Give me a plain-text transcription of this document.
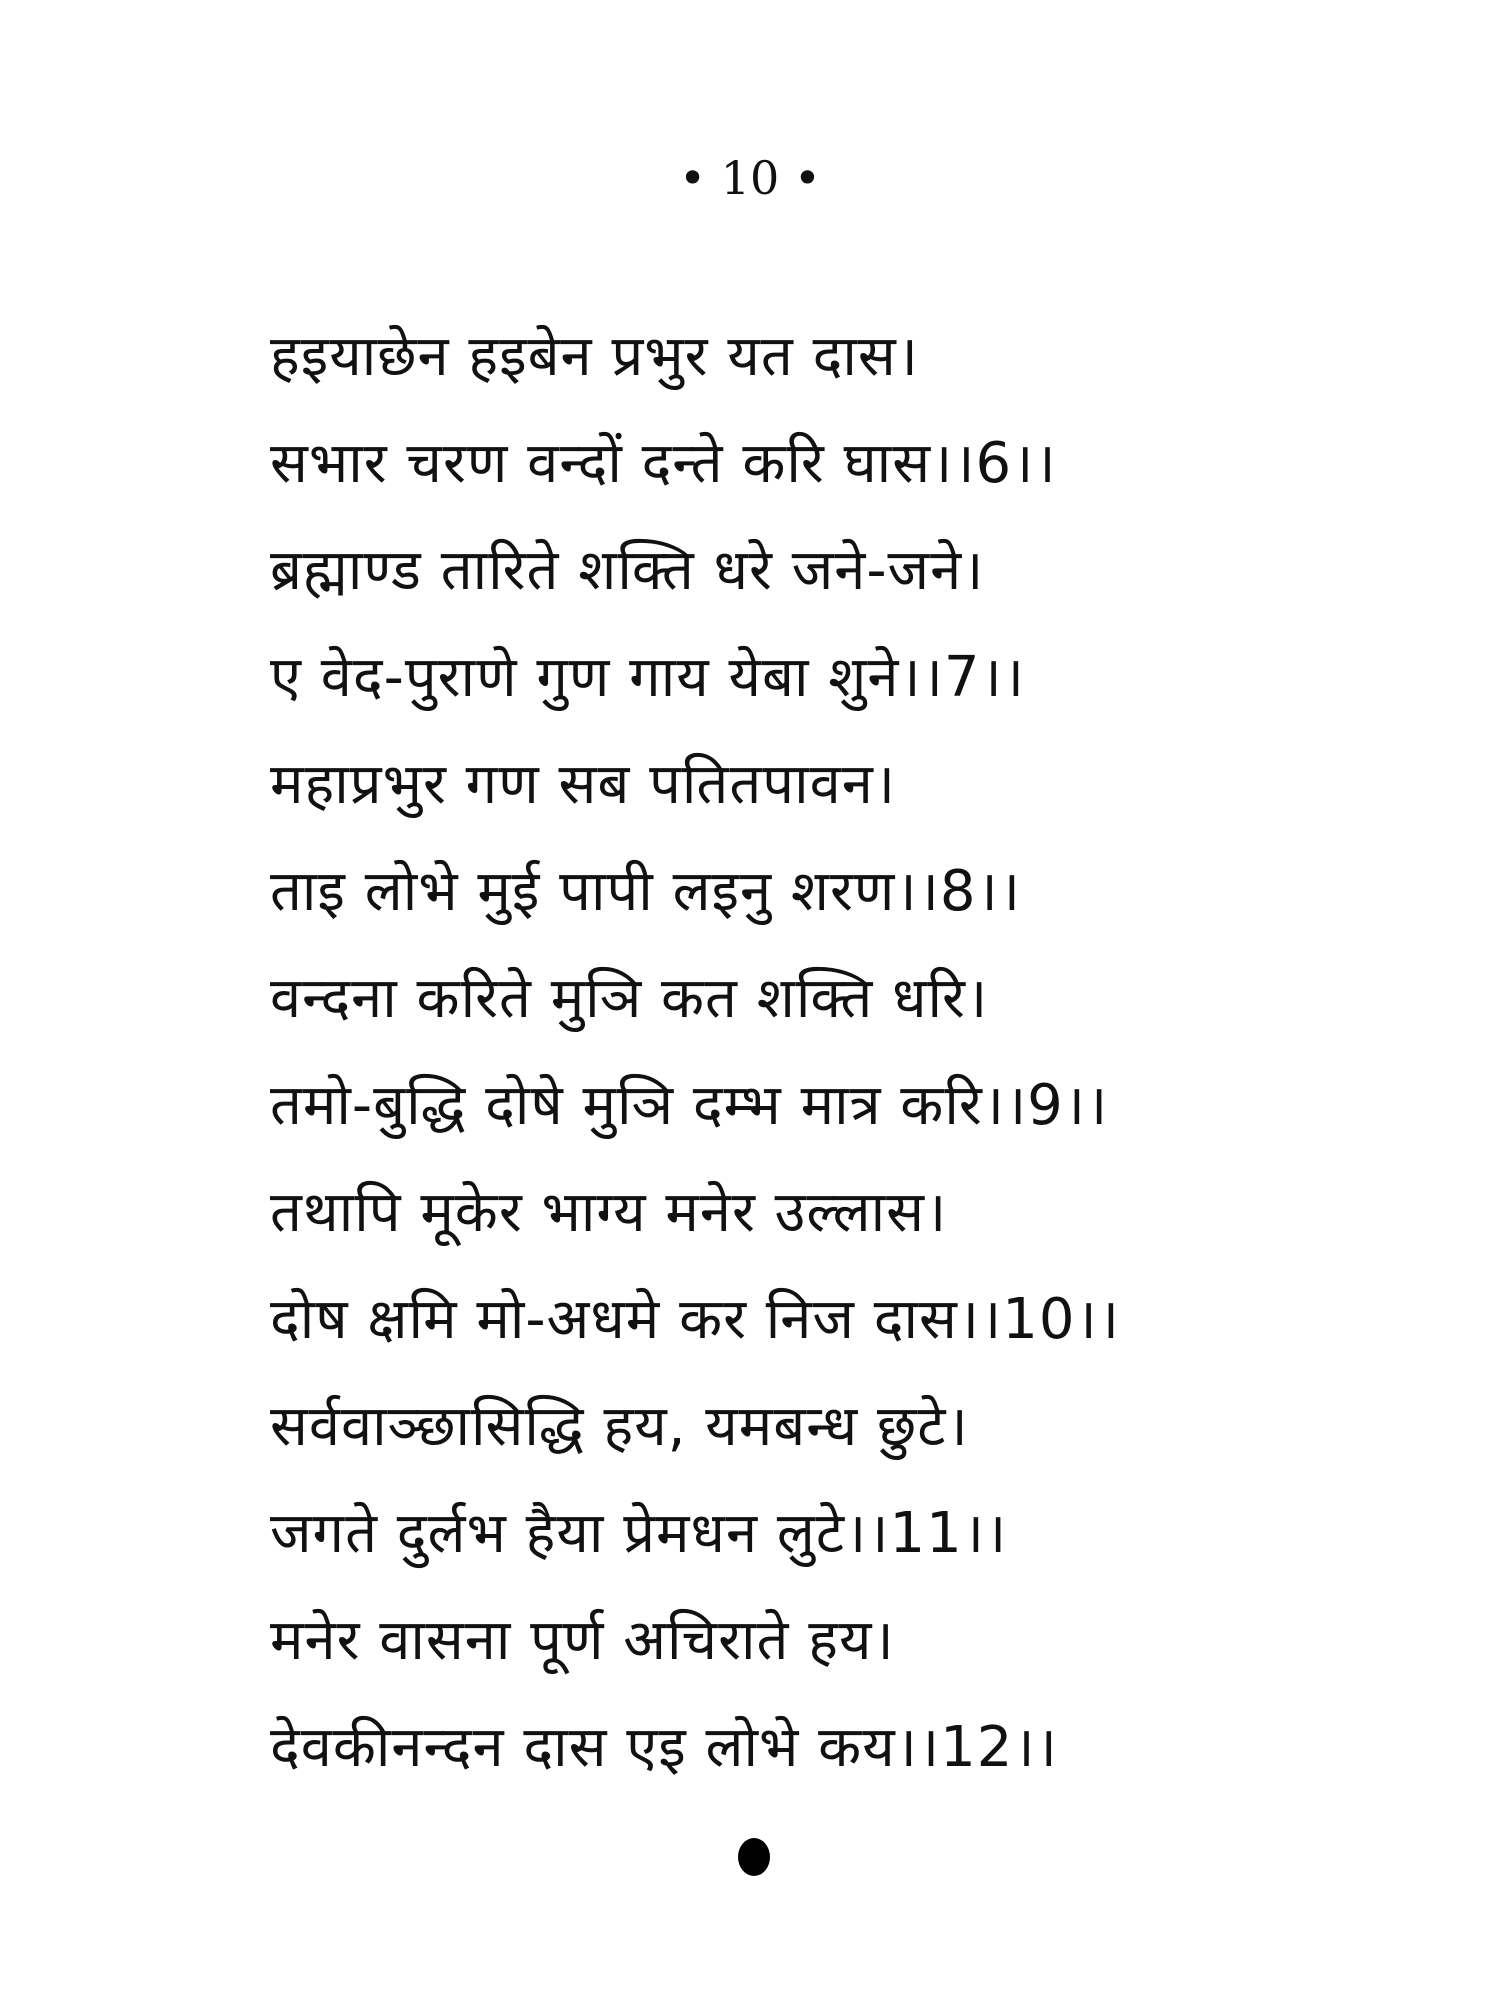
• 10 •
हइयाछेन हइबेन प्रभुर यत दास।
सभार चरण वन्दों दन्ते करि घास।।6।।
ब्रह्माण्ड तारिते शक्ति धरे जने-जने।
ए वेद-पुराणे गुण गाय येबा शुने।।7।।
महाप्रभुर गण सब पतितपावन।
ताइ लोभे मुई पापी लइनु शरण।।8।।
वन्दना करिते मुञि कत शक्ति धरि।
तमो-बुद्धि दोषे मुञि दम्भ मात्र करि।।9।।
तथापि मूकेर भाग्य मनेर उल्लास।
दोष क्षमि मो-अधमे कर निज दास।।10।।
सर्ववाञ्छासिद्धि हय, यमबन्ध छुटे।
जगते दुर्लभ हैया प्रेमधन लुटे।।11।।
मनेर वासना पूर्ण अचिराते हय।
देवकीनन्दन दास एइ लोभे कय।।12।।
